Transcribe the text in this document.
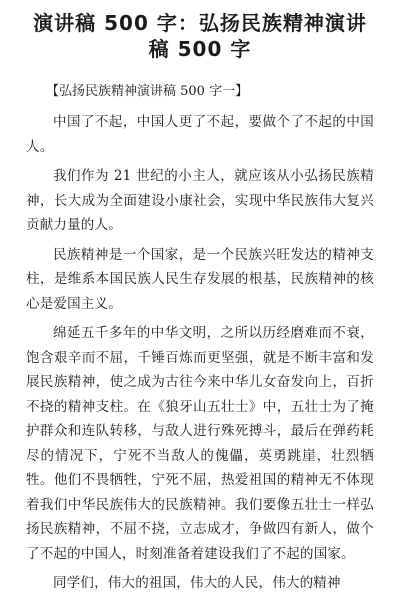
演讲稿 500 字：弘扬民族精神演讲稿 500 字
【弘扬民族精神演讲稿 500 字一】

中国了不起，中国人更了不起，要做个了不起的中国人。

我们作为 21 世纪的小主人，就应该从小弘扬民族精神，长大成为全面建设小康社会，实现中华民族伟大复兴贡献力量的人。

民族精神是一个国家，是一个民族兴旺发达的精神支柱，是维系本国民族人民生存发展的根基，民族精神的核心是爱国主义。

绵延五千多年的中华文明，之所以历经磨难而不衰，饱含艰辛而不屈，千锤百炼而更坚强，就是不断丰富和发展民族精神，使之成为古往今来中华儿女奋发向上，百折不挠的精神支柱。在《狼牙山五壮士》中，五壮士为了掩护群众和连队转移，与敌人进行殊死搏斗，最后在弹药耗尽的情况下，宁死不当敌人的傀儡，英勇跳崖，壮烈牺牲。他们不畏牺牲，宁死不屈，热爱祖国的精神无不体现着我们中华民族伟大的民族精神。我们要像五壮士一样弘扬民族精神，不屈不挠，立志成才，争做四有新人，做个了不起的中国人，时刻准备着建设我们了不起的国家。

同学们，伟大的祖国，伟大的人民，伟大的精神
